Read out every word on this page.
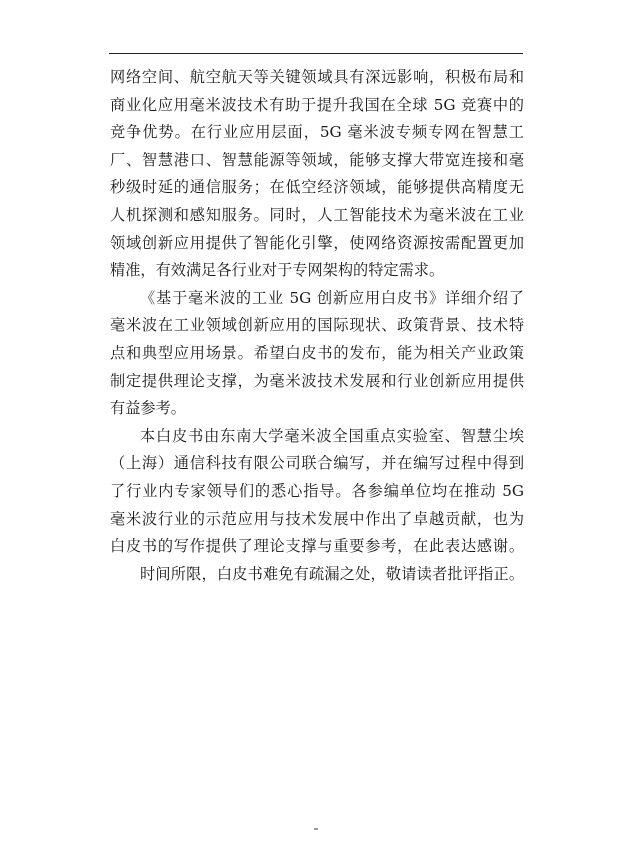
网络空间、航空航天等关键领域具有深远影响，积极布局和
商业化应用毫米波技术有助于提升我国在全球 5G 竞赛中的
竞争优势。在行业应用层面，5G 毫米波专频专网在智慧工
厂、智慧港口、智慧能源等领域，能够支撑大带宽连接和毫
秒级时延的通信服务；在低空经济领域，能够提供高精度无
人机探测和感知服务。同时，人工智能技术为毫米波在工业
领域创新应用提供了智能化引擎，使网络资源按需配置更加
精准，有效满足各行业对于专网架构的特定需求。
《基于毫米波的工业 5G 创新应用白皮书》详细介绍了
毫米波在工业领域创新应用的国际现状、政策背景、技术特
点和典型应用场景。希望白皮书的发布，能为相关产业政策
制定提供理论支撑，为毫米波技术发展和行业创新应用提供
有益参考。
本白皮书由东南大学毫米波全国重点实验室、智慧尘埃
（上海）通信科技有限公司联合编写，并在编写过程中得到
了行业内专家领导们的悉心指导。各参编单位均在推动 5G
毫米波行业的示范应用与技术发展中作出了卓越贡献，也为
白皮书的写作提供了理论支撑与重要参考，在此表达感谢。
时间所限，白皮书难免有疏漏之处，敬请读者批评指正。
